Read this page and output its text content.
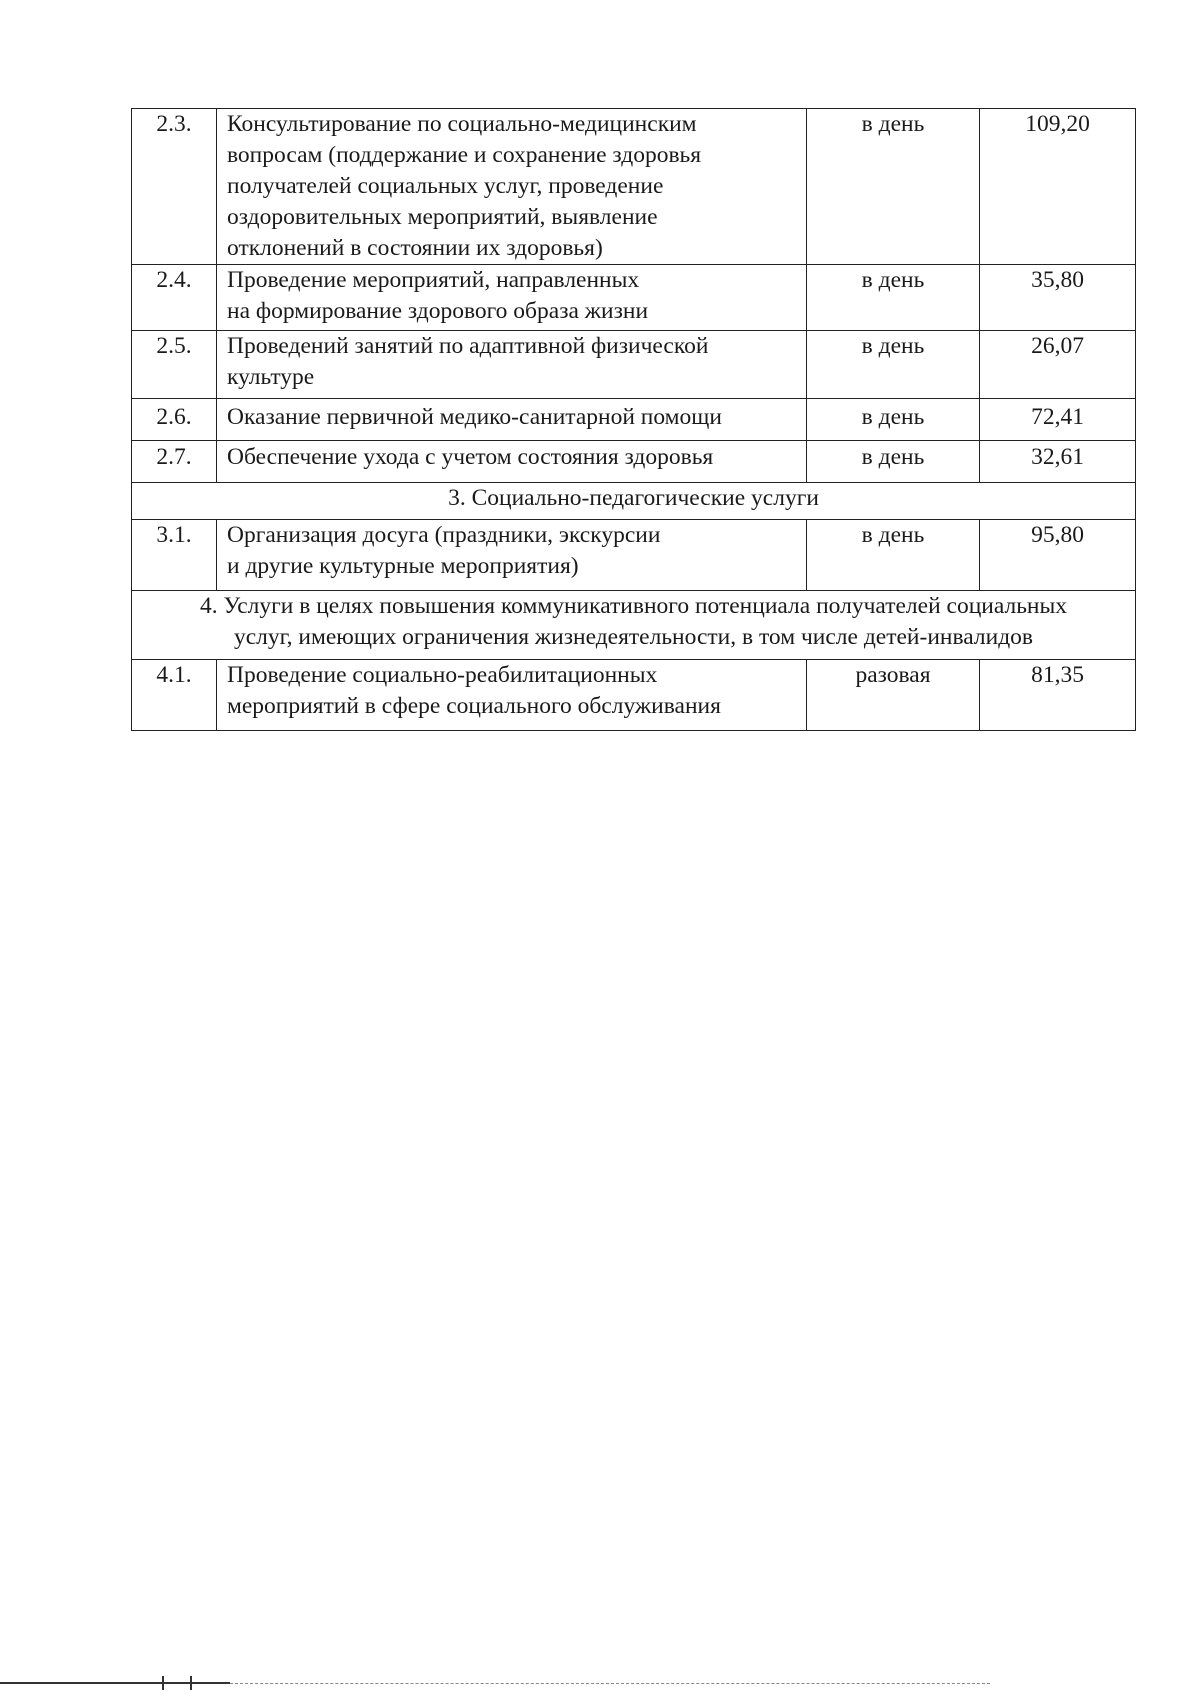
2.3.	Консультирование по социально-медицинским
вопросам (поддержание и сохранение здоровья
получателей социальных услуг, проведение
оздоровительных мероприятий, выявление
отклонений в состоянии их здоровья)	в день	109,20
2.4.	Проведение мероприятий, направленных
на формирование здорового образа жизни	в день	35,80
2.5.	Проведений занятий по адаптивной физической
культуре	в день	26,07
2.6.	Оказание первичной медико-санитарной помощи	в день	72,41
2.7.	Обеспечение ухода с учетом состояния здоровья	в день	32,61

3. Социально-педагогические услуги			

3.1.	Организация досуга (праздники, экскурсии
и другие культурные мероприятия)	в день	95,80

4. Услуги в целях повышения коммуникативного потенциала получателей социальных
услуг, имеющих ограничения жизнедеятельности, в том числе детей-инвалидов			

4.1.	Проведение социально-реабилитационных
мероприятий в сфере социального обслуживания	разовая	81,35
